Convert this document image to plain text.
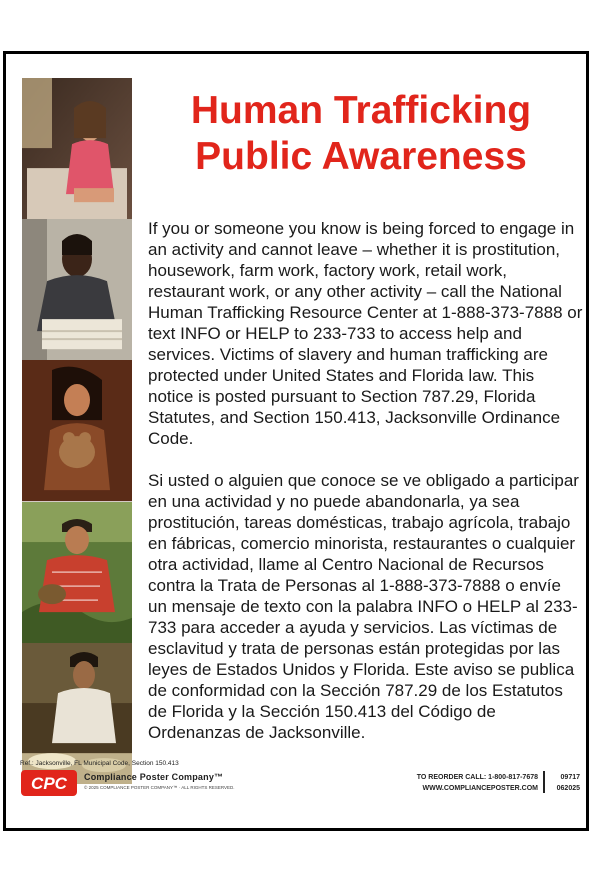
Human Trafficking
Public Awareness

If you or someone you know is being forced to engage in an activity and cannot leave – whether it is prostitution, housework, farm work, factory work, retail work, restaurant work, or any other activity – call the National Human Trafficking Resource Center at 1-888-373-7888 or text INFO or HELP to 233-733 to access help and services. Victims of slavery and human trafficking are protected under United States and Florida law. This notice is posted pursuant to Section 787.29, Florida Statutes, and Section 150.413, Jacksonville Ordinance Code.

Si usted o alguien que conoce se ve obligado a participar en una actividad y no puede abandonarla, ya sea prostitución, tareas domésticas, trabajo agrícola, trabajo en fábricas, comercio minorista, restaurantes o cualquier otra actividad, llame al Centro Nacional de Recursos contra la Trata de Personas al 1-888-373-7888 o envíe un mensaje de texto con la palabra INFO o HELP al 233-733 para acceder a ayuda y servicios. Las víctimas de esclavitud y trata de personas están protegidas por las leyes de Estados Unidos y Florida. Este aviso se publica de conformidad con la Sección 787.29 de los Estatutos de Florida y la Sección 150.413 del Código de Ordenanzas de Jacksonville.

Ref.: Jacksonville, FL Municipal Code, Section 150.413
CPC Compliance Poster Company™
© 2025 COMPLIANCE POSTER COMPANY™ · ALL RIGHTS RESERVED.
TO REORDER CALL: 1-800-817-7678
WWW.COMPLIANCEPOSTER.COM
09717
062025
